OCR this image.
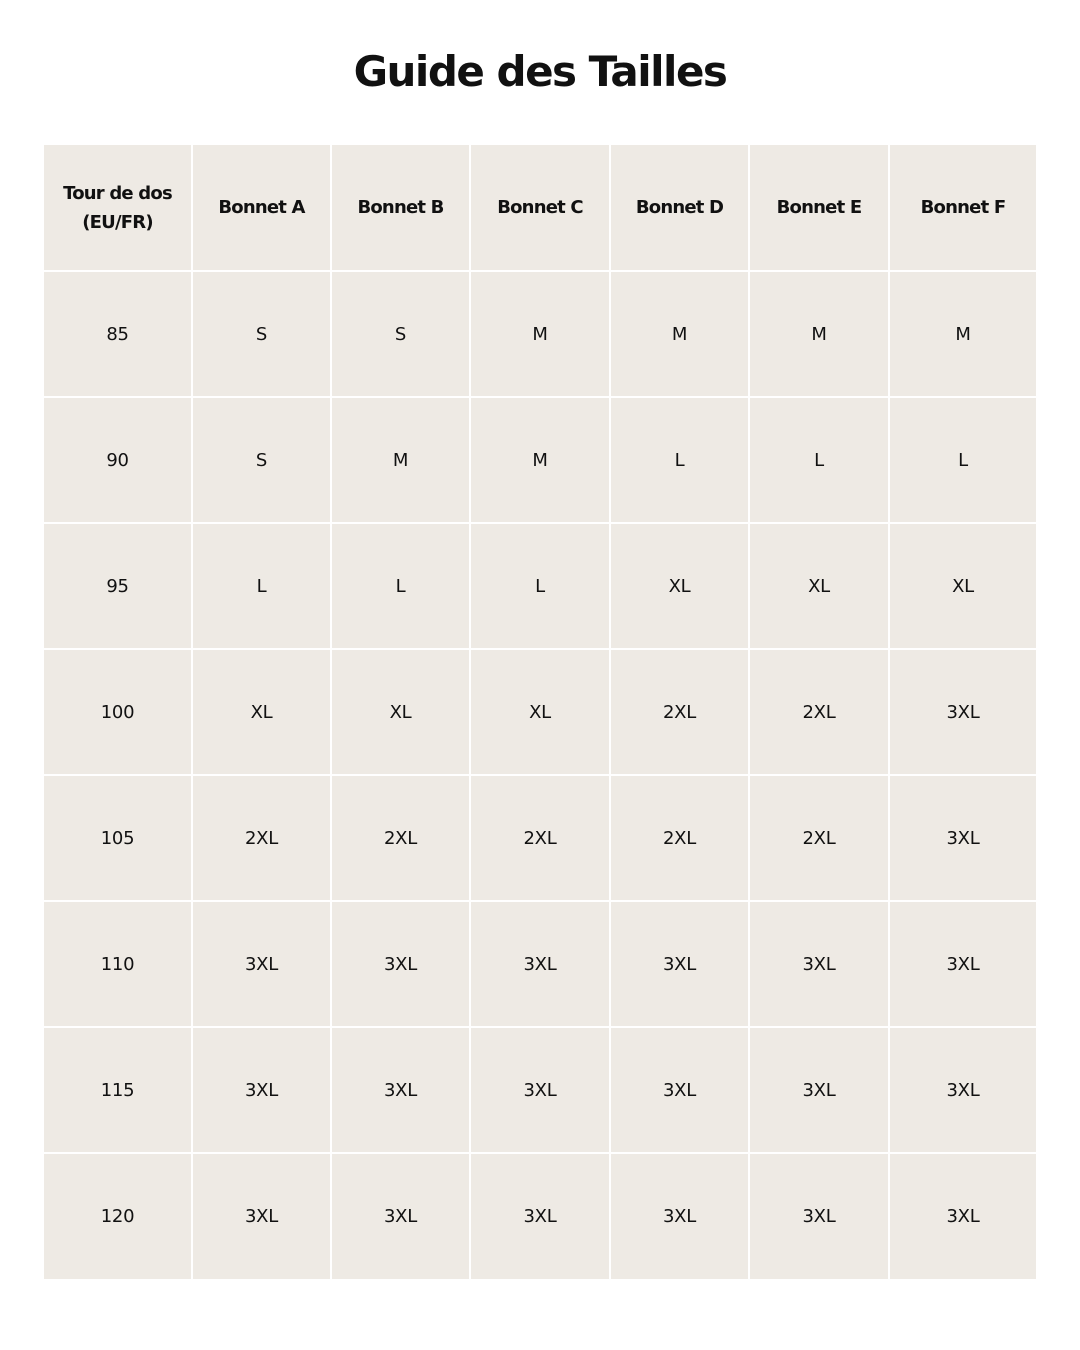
Guide des Tailles
Tour de dos
(EU/FR)	Bonnet A	Bonnet B	Bonnet C	Bonnet D	Bonnet E	Bonnet F
85	S	S	M	M	M	M
90	S	M	M	L	L	L
95	L	L	L	XL	XL	XL
100	XL	XL	XL	2XL	2XL	3XL
105	2XL	2XL	2XL	2XL	2XL	3XL
110	3XL	3XL	3XL	3XL	3XL	3XL
115	3XL	3XL	3XL	3XL	3XL	3XL
120	3XL	3XL	3XL	3XL	3XL	3XL
